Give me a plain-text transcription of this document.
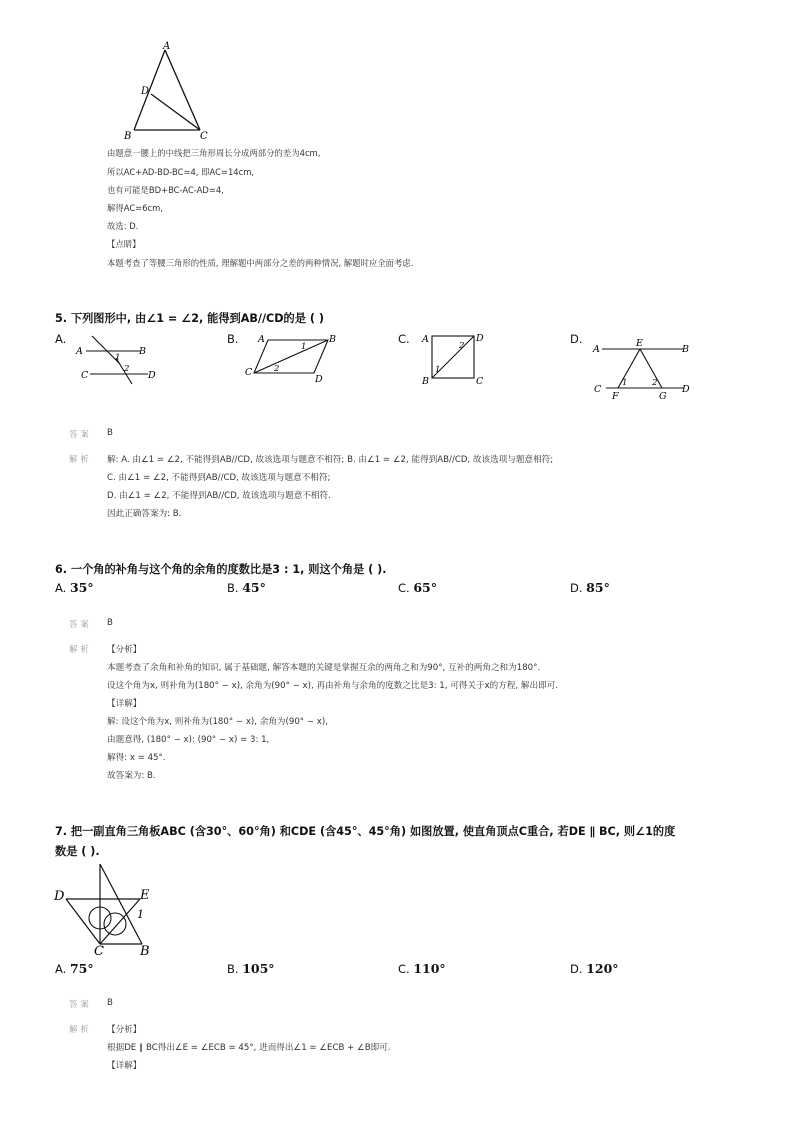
A
D
B	C
由题意一腰上的中线把三角形周长分成两部分的差为4cm,
所以AC+AD-BD-BC=4, 即AC=14cm,
也有可能是BD+BC-AC-AD=4,
解得AC=6cm,
故选: D.
【点睛】
本题考查了等腰三角形的性质, 理解题中两部分之差的两种情况, 解题时应全面考虑.
5. 下列图形中, 由∠1 = ∠2, 能得到AB//CD的是 ( )
A.
A	B
C	D
1
2
B. A	B
C
D
1
2
C. A	D
B	C
2
1
D.
A
E
B
C
F	G
D
1	2
答案 B
解析 解: A. 由∠1 = ∠2, 不能得到AB//CD, 故该选项与题意不相符; B. 由∠1 = ∠2, 能得到AB//CD, 故该选项与题意相符;
C. 由∠1 = ∠2, 不能得到AB//CD, 故该选项与题意不相符;
D. 由∠1 = ∠2, 不能得到AB//CD, 故该选项与题意不相符.
因此正确答案为: B.
6. 一个角的补角与这个角的余角的度数比是3 : 1, 则这个角是 ( ).
A. 35°	B. 45°	C. 65°	D. 85°
答案 B
解析 【分析】
本题考查了余角和补角的知识, 属于基础题, 解答本题的关键是掌握互余的两角之和为90°, 互补的两角之和为180°.
设这个角为x, 则补角为(180° − x), 余角为(90° − x), 再由补角与余角的度数之比是3: 1, 可得关于x的方程, 解出即可.
【详解】
解: 设这个角为x, 则补角为(180° − x), 余角为(90° − x),
由题意得, (180° − x): (90° − x) = 3: 1,
解得: x = 45°.
故答案为: B.
7. 把一副直角三角板ABC (含30°、60°角) 和CDE (含45°、45°角) 如图放置, 使直角顶点C重合, 若DE ∥ BC, 则∠1的度
数是 ( ).
D	E
1
C	B
A. 75°	B. 105°	C. 110°	D. 120°
答案 B
解析 【分析】
根据DE ∥ BC得出∠E = ∠ECB = 45°, 进而得出∠1 = ∠ECB + ∠B即可.
【详解】
